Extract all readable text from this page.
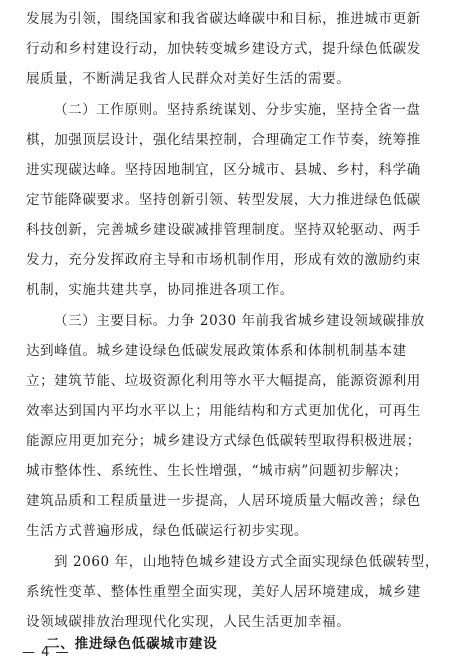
发展为引领，围绕国家和我省碳达峰碳中和目标，推进城市更新
行动和乡村建设行动，加快转变城乡建设方式，提升绿色低碳发
展质量，不断满足我省人民群众对美好生活的需要。
（二）工作原则。坚持系统谋划、分步实施，坚持全省一盘
棋，加强顶层设计，强化结果控制，合理确定工作节奏，统筹推
进实现碳达峰。坚持因地制宜，区分城市、县城、乡村，科学确
定节能降碳要求。坚持创新引领、转型发展，大力推进绿色低碳
科技创新，完善城乡建设碳减排管理制度。坚持双轮驱动、两手
发力，充分发挥政府主导和市场机制作用，形成有效的激励约束
机制，实施共建共享，协同推进各项工作。
（三）主要目标。力争 2030 年前我省城乡建设领域碳排放
达到峰值。城乡建设绿色低碳发展政策体系和体制机制基本建
立；建筑节能、垃圾资源化利用等水平大幅提高，能源资源利用
效率达到国内平均水平以上；用能结构和方式更加优化，可再生
能源应用更加充分；城乡建设方式绿色低碳转型取得积极进展；
城市整体性、系统性、生长性增强，“城市病”问题初步解决；
建筑品质和工程质量进一步提高，人居环境质量大幅改善；绿色
生活方式普遍形成，绿色低碳运行初步实现。
到 2060 年，山地特色城乡建设方式全面实现绿色低碳转型，
系统性变革、整体性重塑全面实现，美好人居环境建成，城乡建
设领域碳排放治理现代化实现，人民生活更加幸福。
二、推进绿色低碳城市建设
— 4 —
